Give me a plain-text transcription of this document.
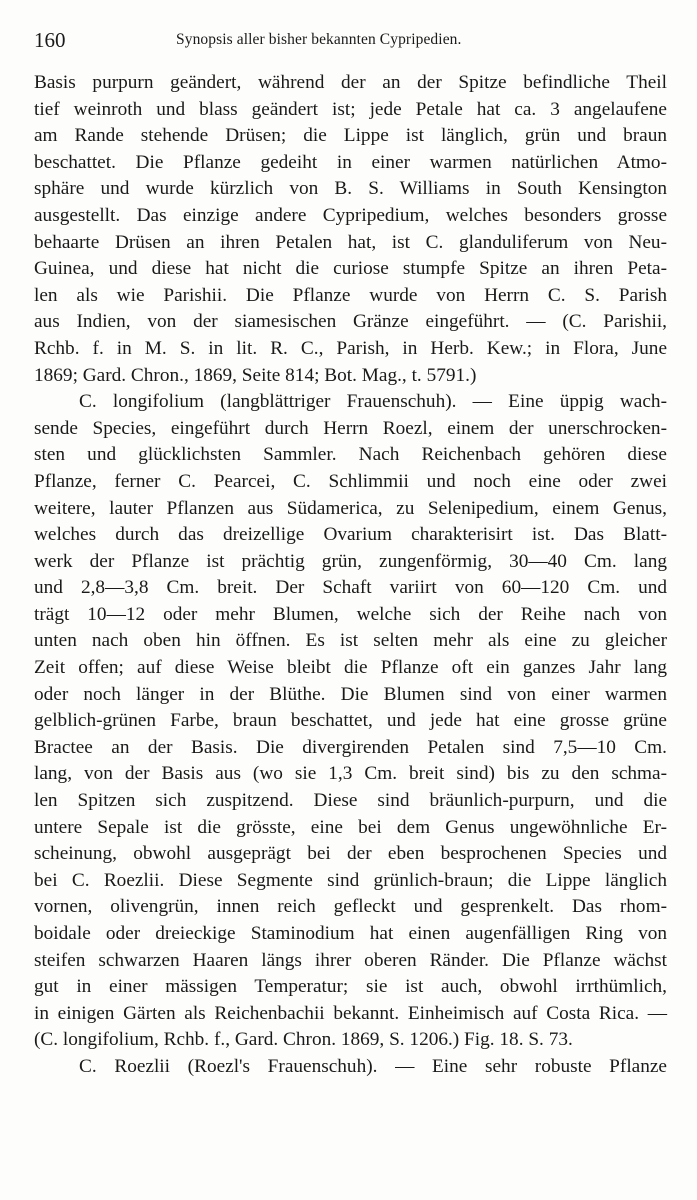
160	Synopsis aller bisher bekannten Cypripedien.
Basis purpurn geändert, während der an der Spitze befindliche Theil
tief weinroth und blass geändert ist; jede Petale hat ca. 3 angelaufene
am Rande stehende Drüsen; die Lippe ist länglich, grün und braun
beschattet. Die Pflanze gedeiht in einer warmen natürlichen Atmo-
sphäre und wurde kürzlich von B. S. Williams in South Kensington
ausgestellt. Das einzige andere Cypripedium, welches besonders grosse
behaarte Drüsen an ihren Petalen hat, ist C. glanduliferum von Neu-
Guinea, und diese hat nicht die curiose stumpfe Spitze an ihren Peta-
len als wie Parishii. Die Pflanze wurde von Herrn C. S. Parish
aus Indien, von der siamesischen Gränze eingeführt. — (C. Parishii,
Rchb. f. in M. S. in lit. R. C., Parish, in Herb. Kew.; in Flora, June
1869; Gard. Chron., 1869, Seite 814; Bot. Mag., t. 5791.)
C. longifolium (langblättriger Frauenschuh). — Eine üppig wach-
sende Species, eingeführt durch Herrn Roezl, einem der unerschrocken-
sten und glücklichsten Sammler. Nach Reichenbach gehören diese
Pflanze, ferner C. Pearcei, C. Schlimmii und noch eine oder zwei
weitere, lauter Pflanzen aus Südamerica, zu Selenipedium, einem Genus,
welches durch das dreizellige Ovarium charakterisirt ist. Das Blatt-
werk der Pflanze ist prächtig grün, zungenförmig, 30—40 Cm. lang
und 2,8—3,8 Cm. breit. Der Schaft variirt von 60—120 Cm. und
trägt 10—12 oder mehr Blumen, welche sich der Reihe nach von
unten nach oben hin öffnen. Es ist selten mehr als eine zu gleicher
Zeit offen; auf diese Weise bleibt die Pflanze oft ein ganzes Jahr lang
oder noch länger in der Blüthe. Die Blumen sind von einer warmen
gelblich-grünen Farbe, braun beschattet, und jede hat eine grosse grüne
Bractee an der Basis. Die divergirenden Petalen sind 7,5—10 Cm.
lang, von der Basis aus (wo sie 1,3 Cm. breit sind) bis zu den schma-
len Spitzen sich zuspitzend. Diese sind bräunlich-purpurn, und die
untere Sepale ist die grösste, eine bei dem Genus ungewöhnliche Er-
scheinung, obwohl ausgeprägt bei der eben besprochenen Species und
bei C. Roezlii. Diese Segmente sind grünlich-braun; die Lippe länglich
vornen, olivengrün, innen reich gefleckt und gesprenkelt. Das rhom-
boidale oder dreieckige Staminodium hat einen augenfälligen Ring von
steifen schwarzen Haaren längs ihrer oberen Ränder. Die Pflanze wächst
gut in einer mässigen Temperatur; sie ist auch, obwohl irrthümlich,
in einigen Gärten als Reichenbachii bekannt. Einheimisch auf Costa Rica. —
(C. longifolium, Rchb. f., Gard. Chron. 1869, S. 1206.) Fig. 18. S. 73.
C. Roezlii (Roezl's Frauenschuh). — Eine sehr robuste Pflanze
